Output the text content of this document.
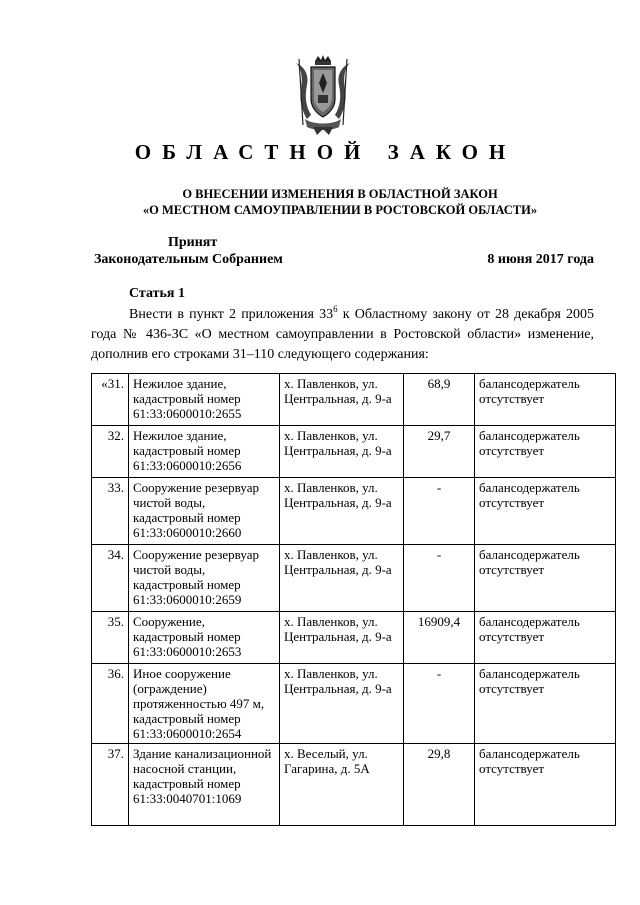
ОБЛАСТНОЙ ЗАКОН
О ВНЕСЕНИИ ИЗМЕНЕНИЯ В ОБЛАСТНОЙ ЗАКОН
«О МЕСТНОМ САМОУПРАВЛЕНИИ В РОСТОВСКОЙ ОБЛАСТИ»
Принят
Законодательным Собранием	8 июня 2017 года
Статья 1

Внести в пункт 2 приложения $33^6$ к Областному закону от 28 декабря 2005 года № 436-ЗС «О местном самоуправлении в Ростовской области» изменение, дополнив его строками 31–110 следующего содержания:

«31.	Нежилое здание, кадастровый номер 61:33:0600010:2655	х. Павленков, ул. Центральная, д. 9-а	68,9	балансодержатель отсутствует
32.	Нежилое здание, кадастровый номер 61:33:0600010:2656	х. Павленков, ул. Центральная, д. 9-а	29,7	балансодержатель отсутствует
33.	Сооружение резервуар чистой воды, кадастровый номер 61:33:0600010:2660	х. Павленков, ул. Центральная, д. 9-а	-	балансодержатель отсутствует
34.	Сооружение резервуар чистой воды, кадастровый номер 61:33:0600010:2659	х. Павленков, ул. Центральная, д. 9-а	-	балансодержатель отсутствует
35.	Сооружение, кадастровый номер 61:33:0600010:2653	х. Павленков, ул. Центральная, д. 9-а	16909,4	балансодержатель отсутствует
36.	Иное сооружение (ограждение) протяженностью 497 м, кадастровый номер 61:33:0600010:2654	х. Павленков, ул. Центральная, д. 9-а	-	балансодержатель отсутствует
37.	Здание канализационной насосной станции, кадастровый номер 61:33:0040701:1069	х. Веселый, ул. Гагарина, д. 5А	29,8	балансодержатель отсутствует
